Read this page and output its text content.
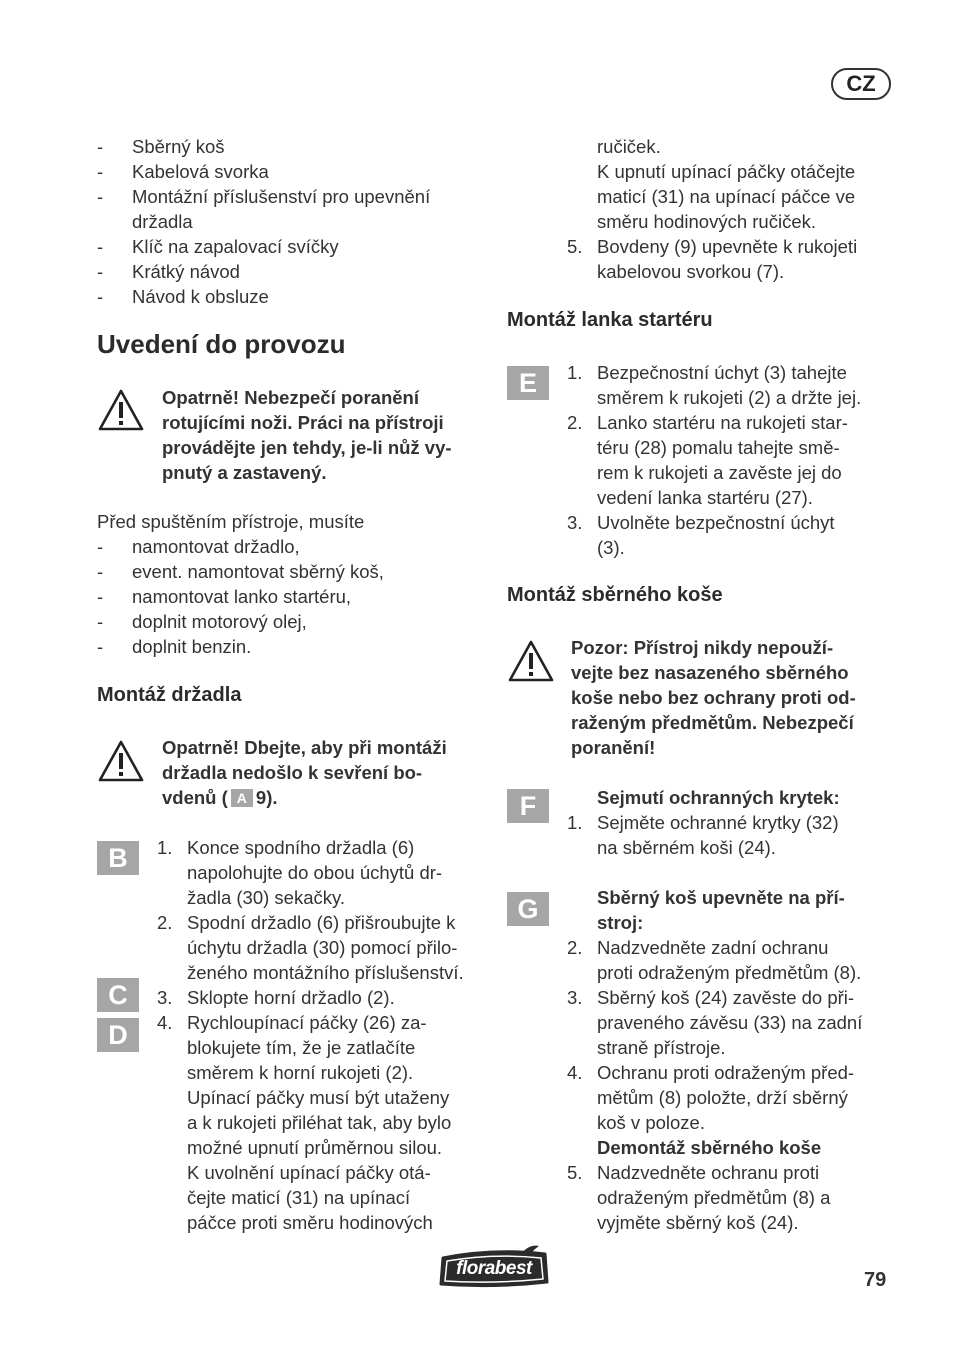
CZ
- Sběrný koš
- Kabelová svorka
- Montážní příslušenství pro upevnění
držadla
- Klíč na zapalovací svíčky
- Krátký návod
- Návod k obsluze
Uvedení do provozu
Opatrně! Nebezpečí poranění
rotujícími noži. Práci na přístroji
provádějte jen tehdy, je-li nůž vy-
pnutý a zastavený.
Před spuštěním přístroje, musíte
- namontovat držadlo,
- event. namontovat sběrný koš,
- namontovat lanko startéru,
- doplnit motorový olej,
- doplnit benzin.
Montáž držadla
Opatrně! Dbejte, aby při montáži
držadla nedošlo k sevření bo-
vdenů ( A 9).
B
C
D
1. Konce spodního držadla (6)
napolohujte do obou úchytů dr-
žadla (30) sekačky.
2. Spodní držadlo (6) přišroubujte k
úchytu držadla (30) pomocí přilo-
ženého montážního příslušenství.
3. Sklopte horní držadlo (2).
4. Rychloupínací páčky (26) za-
blokujete tím, že je zatlačíte
směrem k horní rukojeti (2).
Upínací páčky musí být utaženy
a k rukojeti přiléhat tak, aby bylo
možné upnutí průměrnou silou.
K uvolnění upínací páčky otá-
čejte maticí (31) na upínací
páčce proti směru hodinových
ručiček.
K upnutí upínací páčky otáčejte
maticí (31) na upínací páčce ve
směru hodinových ručiček.
5. Bovdeny (9) upevněte k rukojeti
kabelovou svorkou (7).
Montáž lanka startéru
E	1. Bezpečnostní úchyt (3) tahejte
směrem k rukojeti (2) a držte jej.
2. Lanko startéru na rukojeti star-
téru (28) pomalu tahejte smě-
rem k rukojeti a zavěste jej do
vedení lanka startéru (27).
3. Uvolněte bezpečnostní úchyt
(3).
Montáž sběrného koše
Pozor: Přístroj nikdy nepouží-
vejte bez nasazeného sběrného
koše nebo bez ochrany proti od-
raženým předmětům. Nebezpečí
poranění!
F	Sejmutí ochranných krytek:
1. Sejměte ochranné krytky (32)
na sběrném koši (24).
G	Sběrný koš upevněte na pří-
stroj:
2. Nadzvedněte zadní ochranu
proti odraženým předmětům (8).
3. Sběrný koš (24) zavěste do při-
praveného závěsu (33) na zadní
straně přístroje.
4. Ochranu proti odraženým před-
mětům (8) položte, drží sběrný
koš v poloze.
Demontáž sběrného koše
5. Nadzvedněte ochranu proti
odraženým předmětům (8) a
vyjměte sběrný koš (24).
florabest
79
